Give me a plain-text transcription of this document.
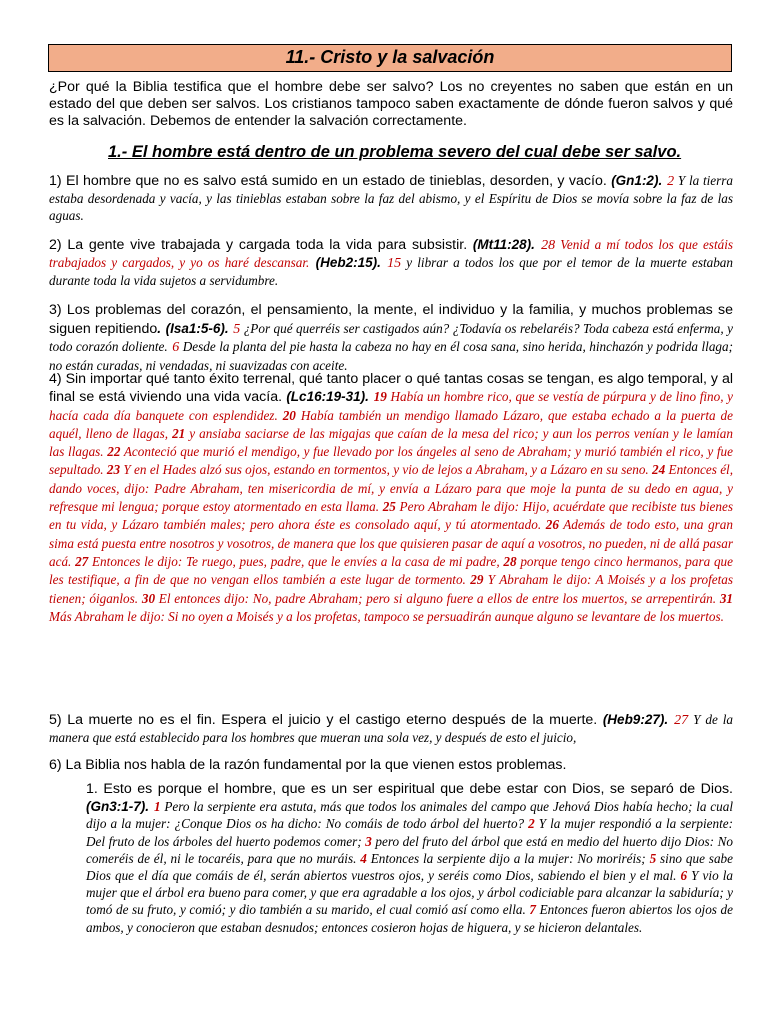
11.- Cristo y la salvación
¿Por qué la Biblia testifica que el hombre debe ser salvo? Los no creyentes no saben que están en un estado del que deben ser salvos. Los cristianos tampoco saben exactamente de dónde fueron salvos y qué es la salvación. Debemos de entender la salvación correctamente.
1.- El hombre está dentro de un problema severo del cual debe ser salvo.
1) El hombre que no es salvo está sumido en un estado de tinieblas, desorden, y vacío. (Gn1:2). 2 Y la tierra estaba desordenada y vacía, y las tinieblas estaban sobre la faz del abismo, y el Espíritu de Dios se movía sobre la faz de las aguas.
2) La gente vive trabajada y cargada toda la vida para subsistir. (Mt11:28). 28 Venid a mí todos los que estáis trabajados y cargados, y yo os haré descansar. (Heb2:15). 15 y librar a todos los que por el temor de la muerte estaban durante toda la vida sujetos a servidumbre.
3) Los problemas del corazón, el pensamiento, la mente, el individuo y la familia, y muchos problemas se siguen repitiendo. (Isa1:5-6). 5 ¿Por qué querréis ser castigados aún? ¿Todavía os rebelaréis? Toda cabeza está enferma, y todo corazón doliente. 6 Desde la planta del pie hasta la cabeza no hay en él cosa sana, sino herida, hinchazón y podrida llaga; no están curadas, ni vendadas, ni suavizadas con aceite.
4) Sin importar qué tanto éxito terrenal, qué tanto placer o qué tantas cosas se tengan, es algo temporal, y al final se está viviendo una vida vacía. (Lc16:19-31). 19 Había un hombre rico, que se vestía de púrpura y de lino fino, y hacía cada día banquete con esplendidez. 20 Había también un mendigo llamado Lázaro, que estaba echado a la puerta de aquél, lleno de llagas, 21 y ansiaba saciarse de las migajas que caían de la mesa del rico; y aun los perros venían y le lamían las llagas. 22 Aconteció que murió el mendigo, y fue llevado por los ángeles al seno de Abraham; y murió también el rico, y fue sepultado. 23 Y en el Hades alzó sus ojos, estando en tormentos, y vio de lejos a Abraham, y a Lázaro en su seno. 24 Entonces él, dando voces, dijo: Padre Abraham, ten misericordia de mí, y envía a Lázaro para que moje la punta de su dedo en agua, y refresque mi lengua; porque estoy atormentado en esta llama. 25 Pero Abraham le dijo: Hijo, acuérdate que recibiste tus bienes en tu vida, y Lázaro también males; pero ahora éste es consolado aquí, y tú atormentado. 26 Además de todo esto, una gran sima está puesta entre nosotros y vosotros, de manera que los que quisieren pasar de aquí a vosotros, no pueden, ni de allá pasar acá. 27 Entonces le dijo: Te ruego, pues, padre, que le envíes a la casa de mi padre, 28 porque tengo cinco hermanos, para que les testifique, a fin de que no vengan ellos también a este lugar de tormento. 29 Y Abraham le dijo: A Moisés y a los profetas tienen; óiganlos. 30 El entonces dijo: No, padre Abraham; pero si alguno fuere a ellos de entre los muertos, se arrepentirán. 31 Más Abraham le dijo: Si no oyen a Moisés y a los profetas, tampoco se persuadirán aunque alguno se levantare de los muertos.
5) La muerte no es el fin. Espera el juicio y el castigo eterno después de la muerte. (Heb9:27). 27 Y de la manera que está establecido para los hombres que mueran una sola vez, y después de esto el juicio,
6) La Biblia nos habla de la razón fundamental por la que vienen estos problemas.
1. Esto es porque el hombre, que es un ser espiritual que debe estar con Dios, se separó de Dios. (Gn3:1-7). 1 Pero la serpiente era astuta, más que todos los animales del campo que Jehová Dios había hecho; la cual dijo a la mujer: ¿Conque Dios os ha dicho: No comáis de todo árbol del huerto? 2 Y la mujer respondió a la serpiente: Del fruto de los árboles del huerto podemos comer; 3 pero del fruto del árbol que está en medio del huerto dijo Dios: No comeréis de él, ni le tocaréis, para que no muráis. 4 Entonces la serpiente dijo a la mujer: No moriréis; 5 sino que sabe Dios que el día que comáis de él, serán abiertos vuestros ojos, y seréis como Dios, sabiendo el bien y el mal. 6 Y vio la mujer que el árbol era bueno para comer, y que era agradable a los ojos, y árbol codiciable para alcanzar la sabiduría; y tomó de su fruto, y comió; y dio también a su marido, el cual comió así como ella. 7 Entonces fueron abiertos los ojos de ambos, y conocieron que estaban desnudos; entonces cosieron hojas de higuera, y se hicieron delantales.
